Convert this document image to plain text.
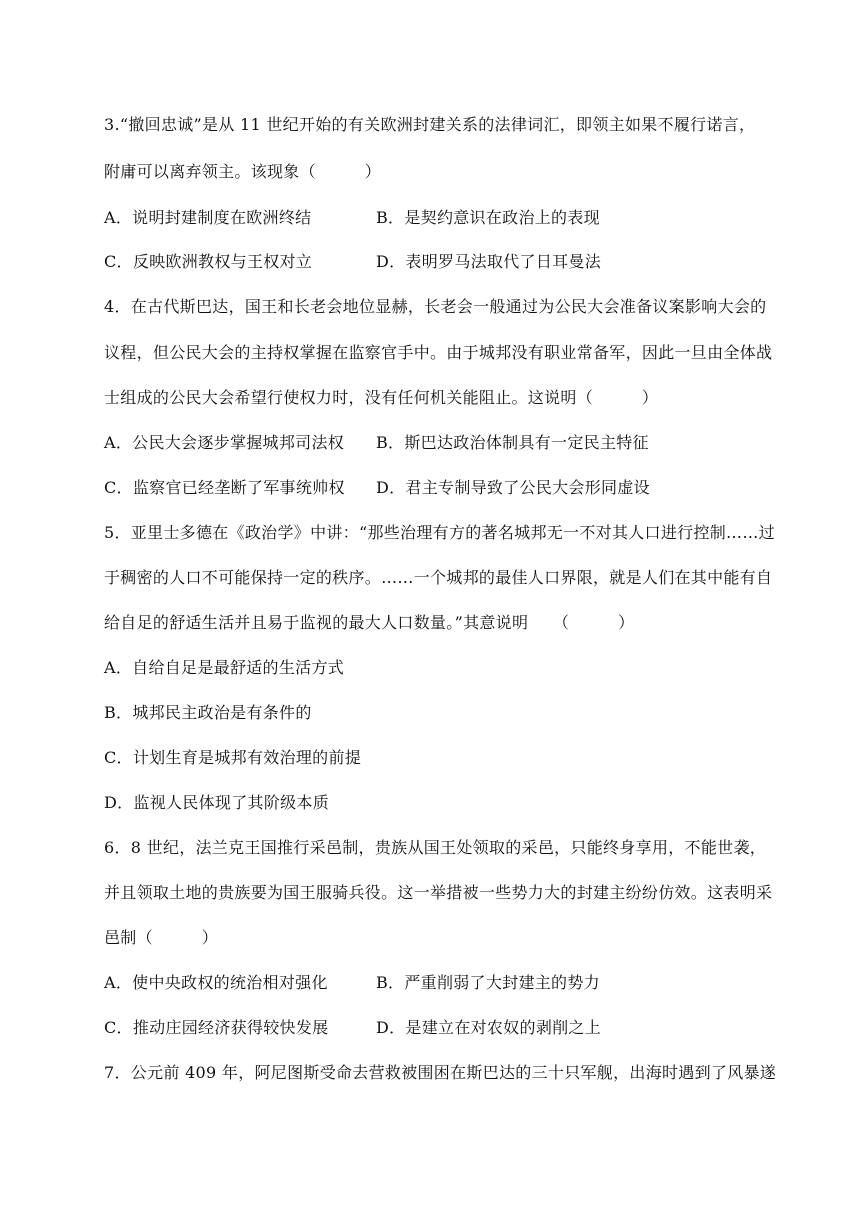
3.“撤回忠诚”是从 11 世纪开始的有关欧洲封建关系的法律词汇，即领主如果不履行诺言，
附庸可以离弃领主。该现象（　　　）
A．说明封建制度在欧洲终结	B．是契约意识在政治上的表现
C．反映欧洲教权与王权对立	D．表明罗马法取代了日耳曼法
4．在古代斯巴达，国王和长老会地位显赫，长老会一般通过为公民大会准备议案影响大会的
议程，但公民大会的主持权掌握在监察官手中。由于城邦没有职业常备军，因此一旦由全体战
士组成的公民大会希望行使权力时，没有任何机关能阻止。这说明（　　　）
A．公民大会逐步掌握城邦司法权 B．斯巴达政治体制具有一定民主特征
C．监察官已经垄断了军事统帅权 D．君主专制导致了公民大会形同虚设
5．亚里士多德在《政治学》中讲：“那些治理有方的著名城邦无一不对其人口进行控制……过
于稠密的人口不可能保持一定的秩序。……一个城邦的最佳人口界限，就是人们在其中能有自
给自足的舒适生活并且易于监视的最大人口数量。”其意说明　　（　　　）
A．自给自足是最舒适的生活方式
B．城邦民主政治是有条件的
C．计划生育是城邦有效治理的前提
D．监视人民体现了其阶级本质
6．8 世纪，法兰克王国推行采邑制，贵族从国王处领取的采邑，只能终身享用，不能世袭，
并且领取土地的贵族要为国王服骑兵役。这一举措被一些势力大的封建主纷纷仿效。这表明采
邑制（　　　）
A．使中央政权的统治相对强化	B．严重削弱了大封建主的势力
C．推动庄园经济获得较快发展	D．是建立在对农奴的剥削之上
7．公元前 409 年，阿尼图斯受命去营救被围困在斯巴达的三十只军舰，出海时遇到了风暴遂
